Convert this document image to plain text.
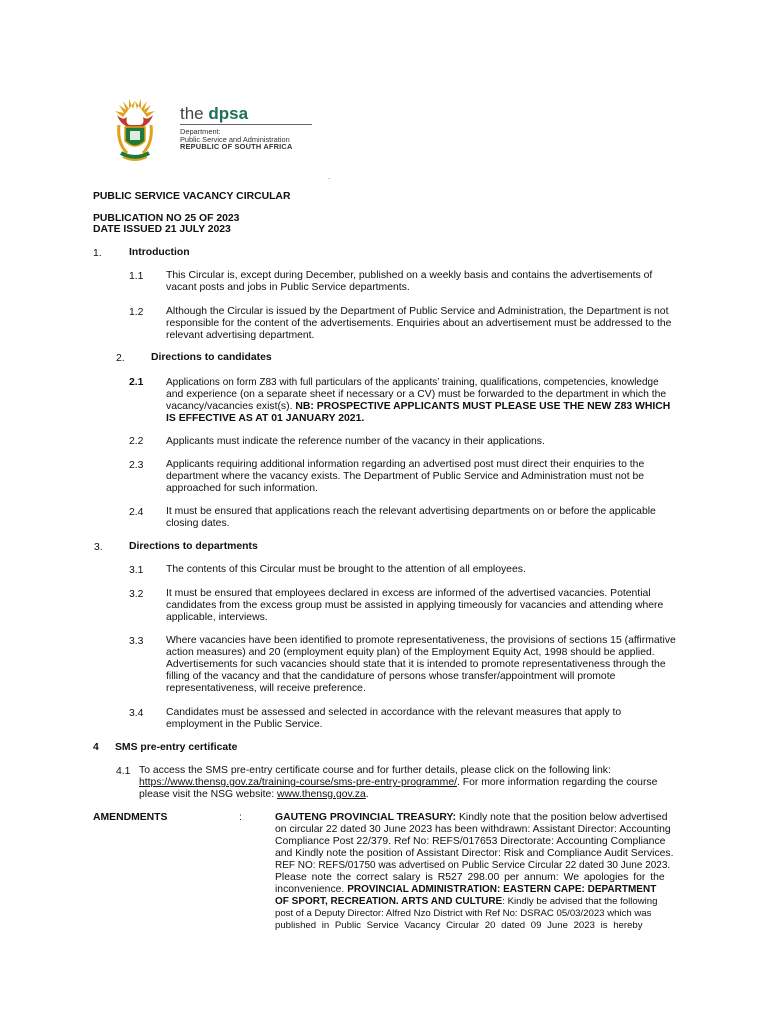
the dpsa
Department:
Public Service and Administration
REPUBLIC OF SOUTH AFRICA
.
PUBLIC SERVICE VACANCY CIRCULAR
PUBLICATION NO 25 OF 2023
DATE ISSUED 21 JULY 2023
1.	Introduction
1.1 This Circular is, except during December, published on a weekly basis and contains the advertisements of
vacant posts and jobs in Public Service departments.
1.2 Although the Circular is issued by the Department of Public Service and Administration, the Department is not
responsible for the content of the advertisements. Enquiries about an advertisement must be addressed to the
relevant advertising department.
2.	Directions to candidates
2.1 Applications on form Z83 with full particulars of the applicants’ training, qualifications, competencies, knowledge
and experience (on a separate sheet if necessary or a CV) must be forwarded to the department in which the
vacancy/vacancies exist(s). NB: PROSPECTIVE APPLICANTS MUST PLEASE USE THE NEW Z83 WHICH
IS EFFECTIVE AS AT 01 JANUARY 2021.
2.2 Applicants must indicate the reference number of the vacancy in their applications.
2.3 Applicants requiring additional information regarding an advertised post must direct their enquiries to the
department where the vacancy exists. The Department of Public Service and Administration must not be
approached for such information.
2.4 It must be ensured that applications reach the relevant advertising departments on or before the applicable
closing dates.
3.	Directions to departments
3.1 The contents of this Circular must be brought to the attention of all employees.
3.2 It must be ensured that employees declared in excess are informed of the advertised vacancies. Potential
candidates from the excess group must be assisted in applying timeously for vacancies and attending where
applicable, interviews.
3.3 Where vacancies have been identified to promote representativeness, the provisions of sections 15 (affirmative
action measures) and 20 (employment equity plan) of the Employment Equity Act, 1998 should be applied.
Advertisements for such vacancies should state that it is intended to promote representativeness through the
filling of the vacancy and that the candidature of persons whose transfer/appointment will promote
representativeness, will receive preference.
3.4 Candidates must be assessed and selected in accordance with the relevant measures that apply to
employment in the Public Service.
4 SMS pre-entry certificate
4.1 To access the SMS pre-entry certificate course and for further details, please click on the following link:
https://www.thensg.gov.za/training-course/sms-pre-entry-programme/. For more information regarding the course
please visit the NSG website: www.thensg.gov.za.
AMENDMENTS	:	GAUTENG PROVINCIAL TREASURY: Kindly note that the position below advertised
on circular 22 dated 30 June 2023 has been withdrawn: Assistant Director: Accounting
Compliance Post 22/379. Ref No: REFS/017653 Directorate: Accounting Compliance
and Kindly note the position of Assistant Director: Risk and Compliance Audit Services.
REF NO: REFS/01750 was advertised on Public Service Circular 22 dated 30 June 2023.
Please note the correct salary is R527 298.00 per annum: We apologies for the
inconvenience. PROVINCIAL ADMINISTRATION: EASTERN CAPE: DEPARTMENT
OF SPORT, RECREATION. ARTS AND CULTURE: Kindly be advised that the following
post of a Deputy Director: Alfred Nzo District with Ref No: DSRAC 05/03/2023 which was
published in Public Service Vacancy Circular 20 dated 09 June 2023 is hereby
